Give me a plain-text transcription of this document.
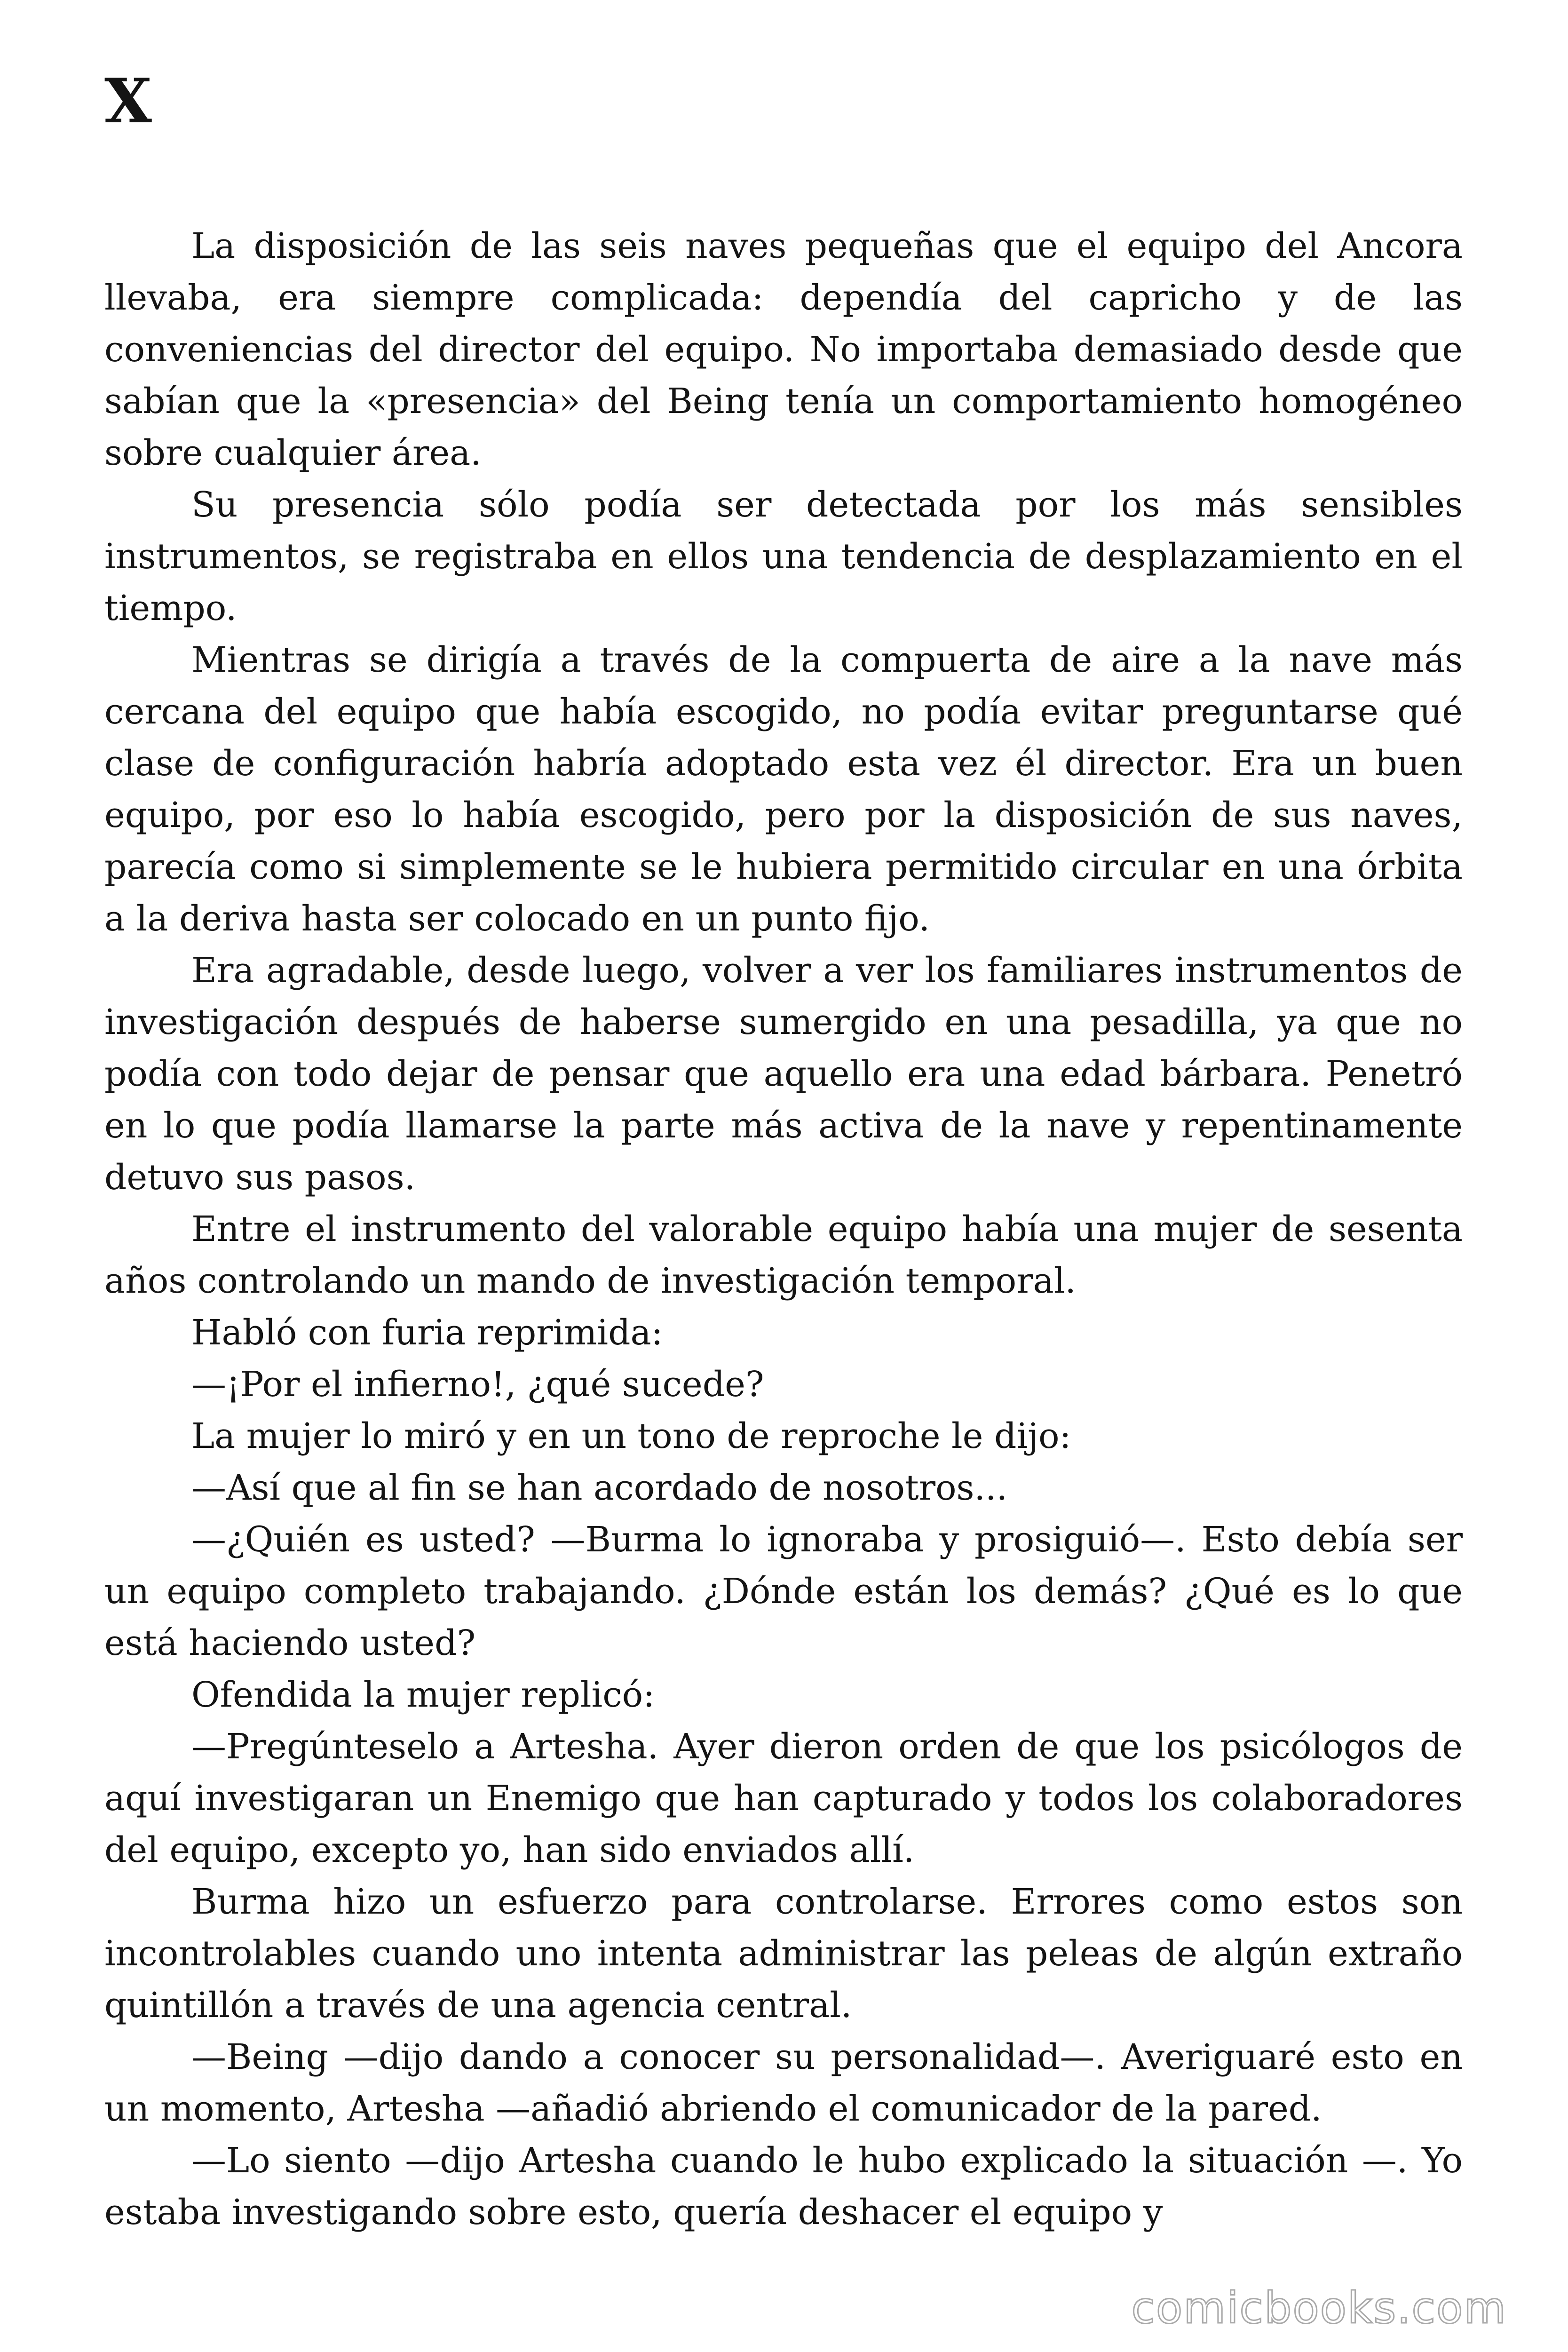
X

La disposición de las seis naves pequeñas que el equipo del Ancora llevaba, era siempre complicada: dependía del capricho y de las conveniencias del director del equipo. No importaba demasiado desde que sabían que la «presencia» del Being tenía un comportamiento homogéneo sobre cualquier área.

Su presencia sólo podía ser detectada por los más sensibles instrumentos, se registraba en ellos una tendencia de desplazamiento en el tiempo.

Mientras se dirigía a través de la compuerta de aire a la nave más cercana del equipo que había escogido, no podía evitar preguntarse qué clase de configuración habría adoptado esta vez él director. Era un buen equipo, por eso lo había escogido, pero por la disposición de sus naves, parecía como si simplemente se le hubiera permitido circular en una órbita a la deriva hasta ser colocado en un punto fijo.

Era agradable, desde luego, volver a ver los familiares instrumentos de investigación después de haberse sumergido en una pesadilla, ya que no podía con todo dejar de pensar que aquello era una edad bárbara. Penetró en lo que podía llamarse la parte más activa de la nave y repentinamente detuvo sus pasos.

Entre el instrumento del valorable equipo había una mujer de sesenta años controlando un mando de investigación temporal.

Habló con furia reprimida:

—¡Por el infierno!, ¿qué sucede?

La mujer lo miró y en un tono de reproche le dijo:

—Así que al fin se han acordado de nosotros...

—¿Quién es usted? —Burma lo ignoraba y prosiguió—. Esto debía ser un equipo completo trabajando. ¿Dónde están los demás? ¿Qué es lo que está haciendo usted?

Ofendida la mujer replicó:

—Pregúnteselo a Artesha. Ayer dieron orden de que los psicólogos de aquí investigaran un Enemigo que han capturado y todos los colaboradores del equipo, excepto yo, han sido enviados allí.

Burma hizo un esfuerzo para controlarse. Errores como estos son incontrolables cuando uno intenta administrar las peleas de algún extraño quintillón a través de una agencia central.

—Being —dijo dando a conocer su personalidad—. Averiguaré esto en un momento, Artesha —añadió abriendo el comunicador de la pared.

—Lo siento —dijo Artesha cuando le hubo explicado la situación —. Yo estaba investigando sobre esto, quería deshacer el equipo y

comicbooks.com
